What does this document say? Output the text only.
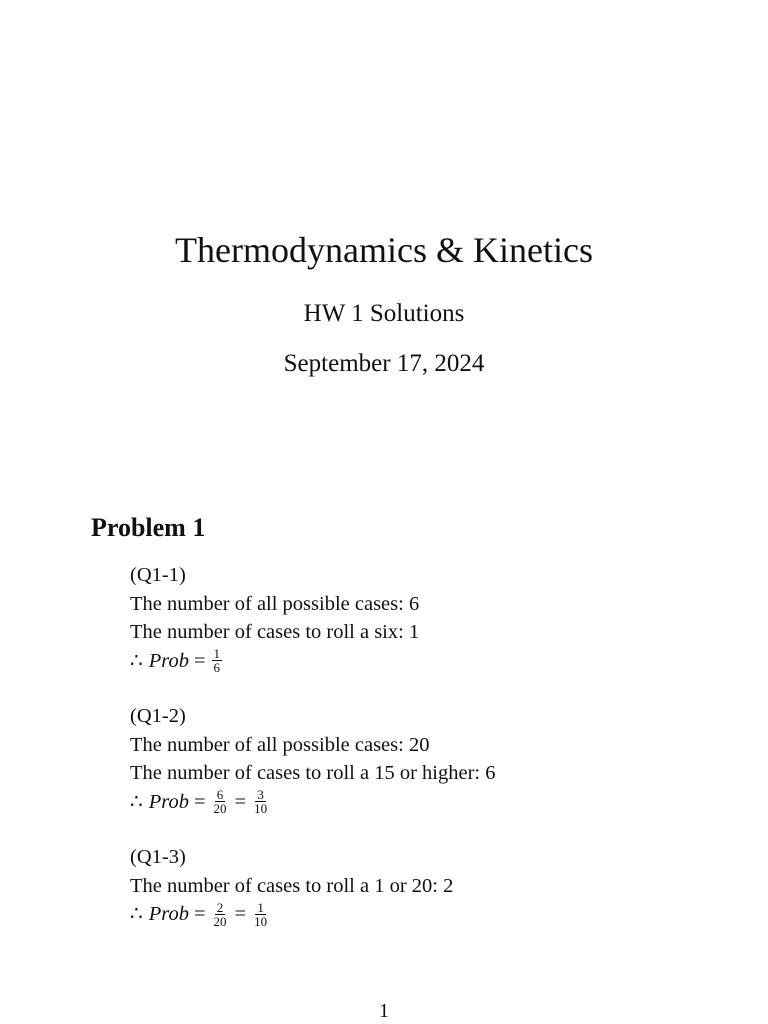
Thermodynamics & Kinetics

HW 1 Solutions

September 17, 2024

Problem 1
(Q1-1)
The number of all possible cases: 6
The number of cases to roll a six: 1
∴ Prob = $\frac{1}{6}$
(Q1-2)
The number of all possible cases: 20
The number of cases to roll a 15 or higher: 6
∴ Prob = $\frac{6}{20} = \frac{3}{10}$
(Q1-3)
The number of cases to roll a 1 or 20: 2
∴ Prob = $\frac{2}{20} = \frac{1}{10}$
1
